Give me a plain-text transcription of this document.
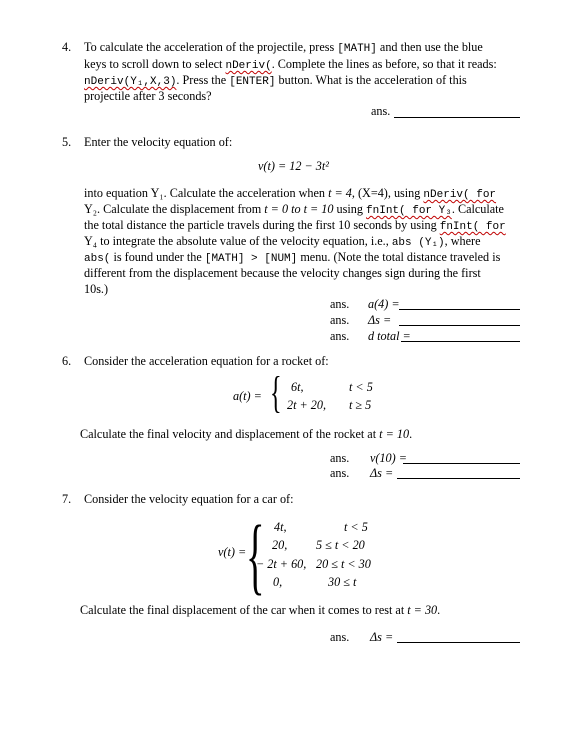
4. To calculate the acceleration of the projectile, press [MATH] and then use the blue
keys to scroll down to select nDeriv(. Complete the lines as before, so that it reads:
nDeriv(Y₁,X,3). Press the [ENTER] button. What is the acceleration of this
projectile after 3 seconds?
ans.
5. Enter the velocity equation of:
v(t) = 12 − 3t²
into equation Y₁. Calculate the acceleration when t = 4, (X=4), using nDeriv( for
Y₂. Calculate the displacement from t = 0 to t = 10 using fnInt( for Y₃. Calculate
the total distance the particle travels during the first 10 seconds by using fnInt( for
Y₄ to integrate the absolute value of the velocity equation, i.e., abs (Y₁), where
abs( is found under the [MATH] > [NUM] menu. (Note the total distance traveled is
different from the displacement because the velocity changes sign during the first
10s.)
ans. a(4) =
ans. Δs =
ans. d total =
6. Consider the acceleration equation for a rocket of:
a(t) = { 6t,	t < 5
2t + 20, t ≥ 5
Calculate the final velocity and displacement of the rocket at t = 10.
ans. v(10) =
ans. Δs =
7. Consider the velocity equation for a car of:
v(t) = { 4t,	t < 5
20, 5 ≤ t < 20
− 2t + 60, 20 ≤ t < 30
0,	30 ≤ t
Calculate the final displacement of the car when it comes to rest at t = 30.
ans. Δs =
